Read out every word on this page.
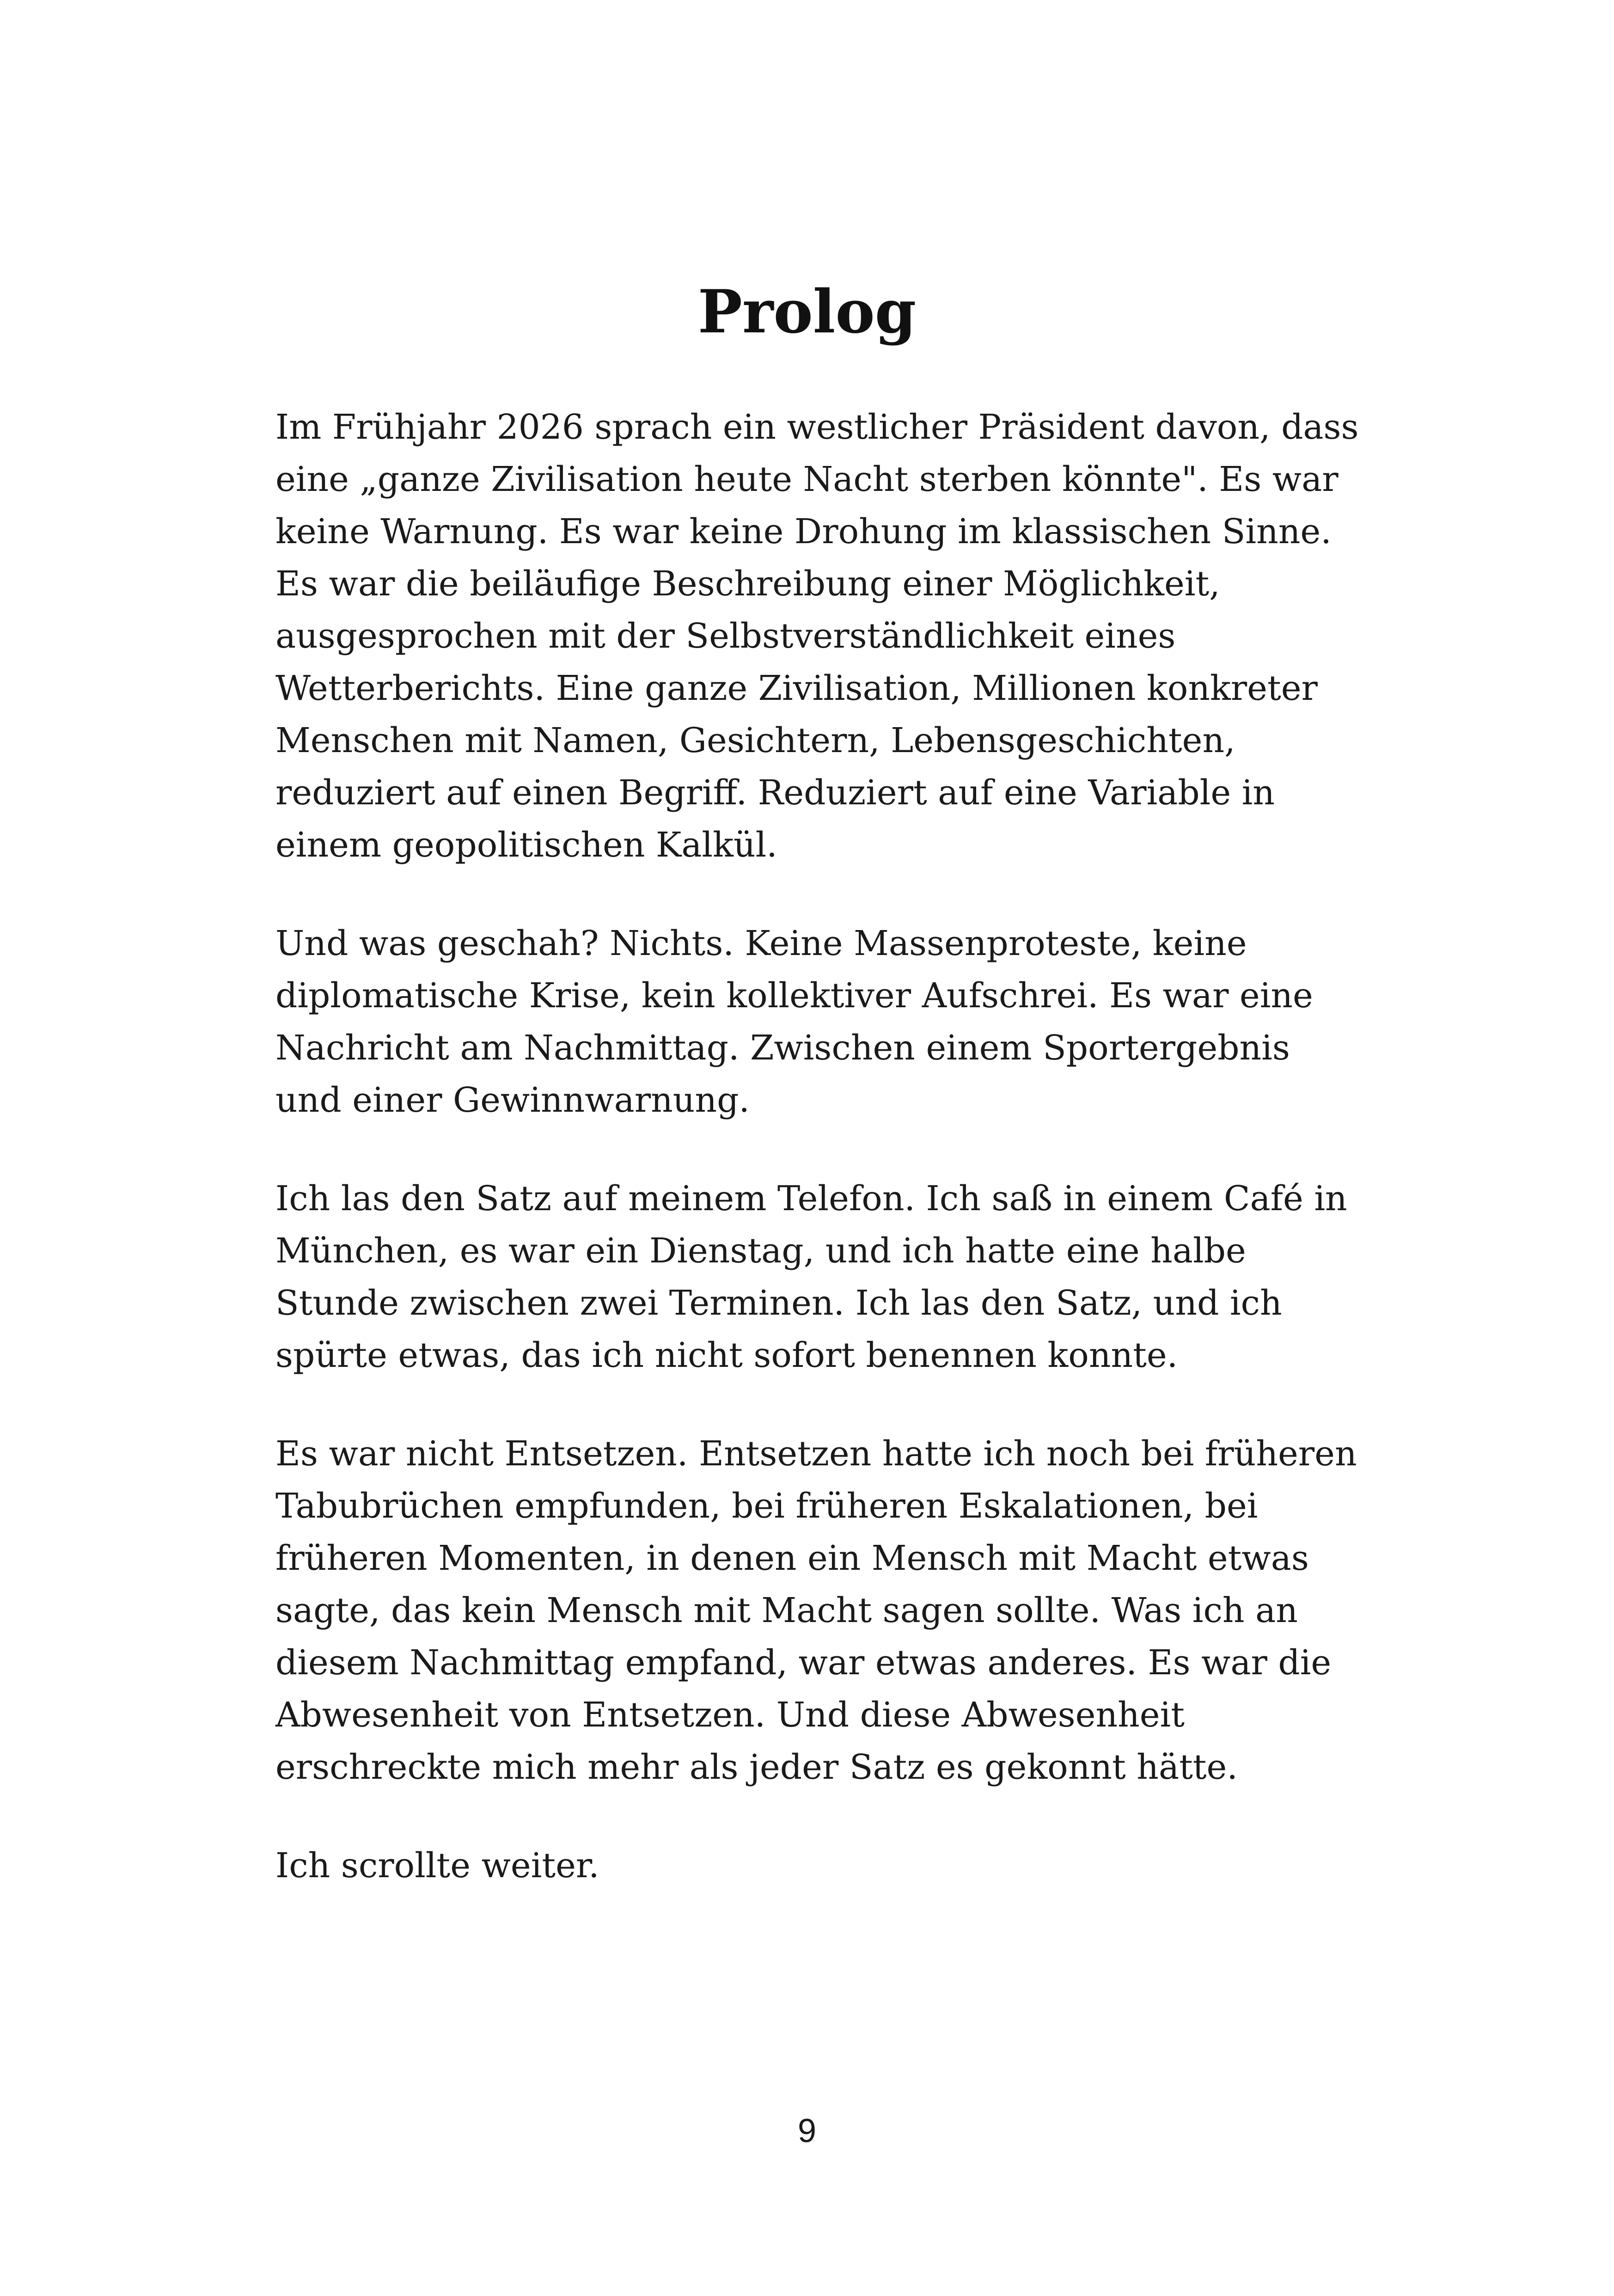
Prolog

Im Frühjahr 2026 sprach ein westlicher Präsident davon, dass
eine „ganze Zivilisation heute Nacht sterben könnte". Es war
keine Warnung. Es war keine Drohung im klassischen Sinne.
Es war die beiläufige Beschreibung einer Möglichkeit,
ausgesprochen mit der Selbstverständlichkeit eines
Wetterberichts. Eine ganze Zivilisation, Millionen konkreter
Menschen mit Namen, Gesichtern, Lebensgeschichten,
reduziert auf einen Begriff. Reduziert auf eine Variable in
einem geopolitischen Kalkül.

Und was geschah? Nichts. Keine Massenproteste, keine
diplomatische Krise, kein kollektiver Aufschrei. Es war eine
Nachricht am Nachmittag. Zwischen einem Sportergebnis
und einer Gewinnwarnung.

Ich las den Satz auf meinem Telefon. Ich saß in einem Café in
München, es war ein Dienstag, und ich hatte eine halbe
Stunde zwischen zwei Terminen. Ich las den Satz, und ich
spürte etwas, das ich nicht sofort benennen konnte.

Es war nicht Entsetzen. Entsetzen hatte ich noch bei früheren
Tabubrüchen empfunden, bei früheren Eskalationen, bei
früheren Momenten, in denen ein Mensch mit Macht etwas
sagte, das kein Mensch mit Macht sagen sollte. Was ich an
diesem Nachmittag empfand, war etwas anderes. Es war die
Abwesenheit von Entsetzen. Und diese Abwesenheit
erschreckte mich mehr als jeder Satz es gekonnt hätte.

Ich scrollte weiter.

9
